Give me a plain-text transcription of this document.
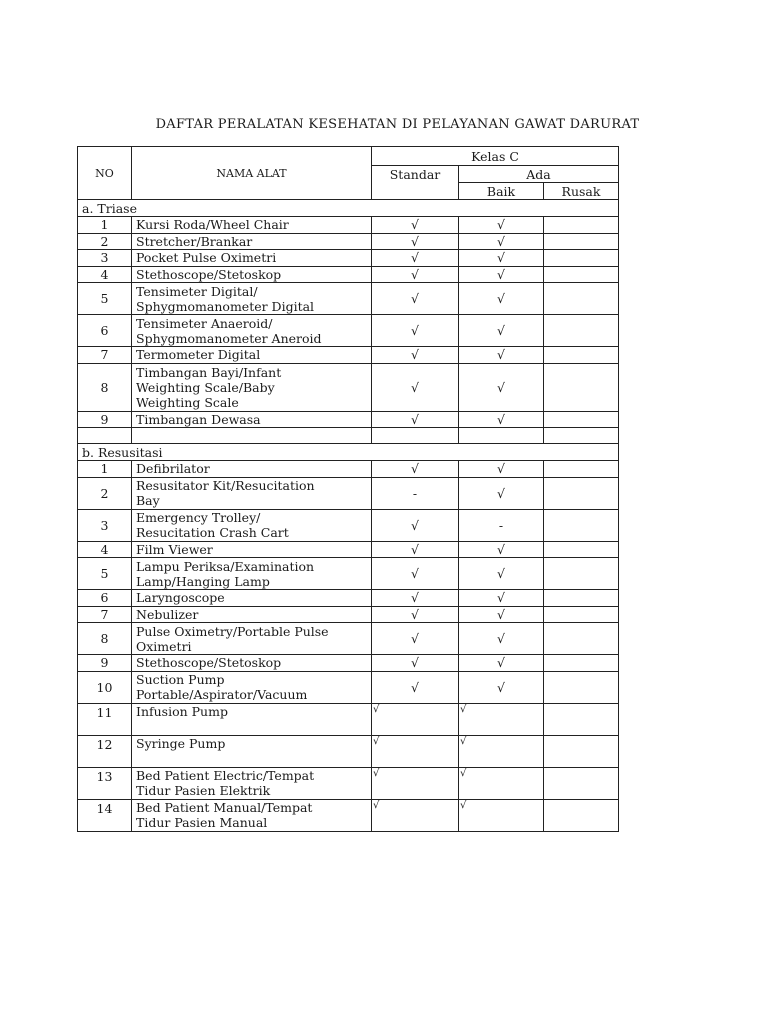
DAFTAR PERALATAN KESEHATAN DI PELAYANAN GAWAT DARURAT
NO	NAMA ALAT	Kelas C		
		Standar	Ada	
			Baik	Rusak
a. Triase				
1	Kursi Roda/Wheel Chair	√	√	
2	Stretcher/Brankar	√	√	
3	Pocket Pulse Oximetri	√	√	
4	Stethoscope/Stetoskop	√	√	
5	Tensimeter Digital/
Sphygmomanometer Digital	√	√	
6	Tensimeter Anaeroid/
Sphygmomanometer Aneroid	√	√	
7	Termometer Digital	√	√	
8	Timbangan Bayi/Infant
Weighting Scale/Baby
Weighting Scale	√	√	
9	Timbangan Dewasa	√	√	

b. Resusitasi				
1	Defibrilator	√	√	
2	Resusitator Kit/Resucitation
Bay	-	√	
3	Emergency Trolley/
Resucitation Crash Cart	√	-	
4	Film Viewer	√	√	
5	Lampu Periksa/Examination
Lamp/Hanging Lamp	√	√	
6	Laryngoscope	√	√	
7	Nebulizer	√	√	
8	Pulse Oximetry/Portable Pulse
Oximetri	√	√	
9	Stethoscope/Stetoskop	√	√	
10	Suction Pump
Portable/Aspirator/Vacuum	√	√	
11	Infusion Pump	√	√	

12	Syringe Pump	√	√	

13	Bed Patient Electric/Tempat
Tidur Pasien Elektrik	√	√	

14	Bed Patient Manual/Tempat
Tidur Pasien Manual	√	√	
